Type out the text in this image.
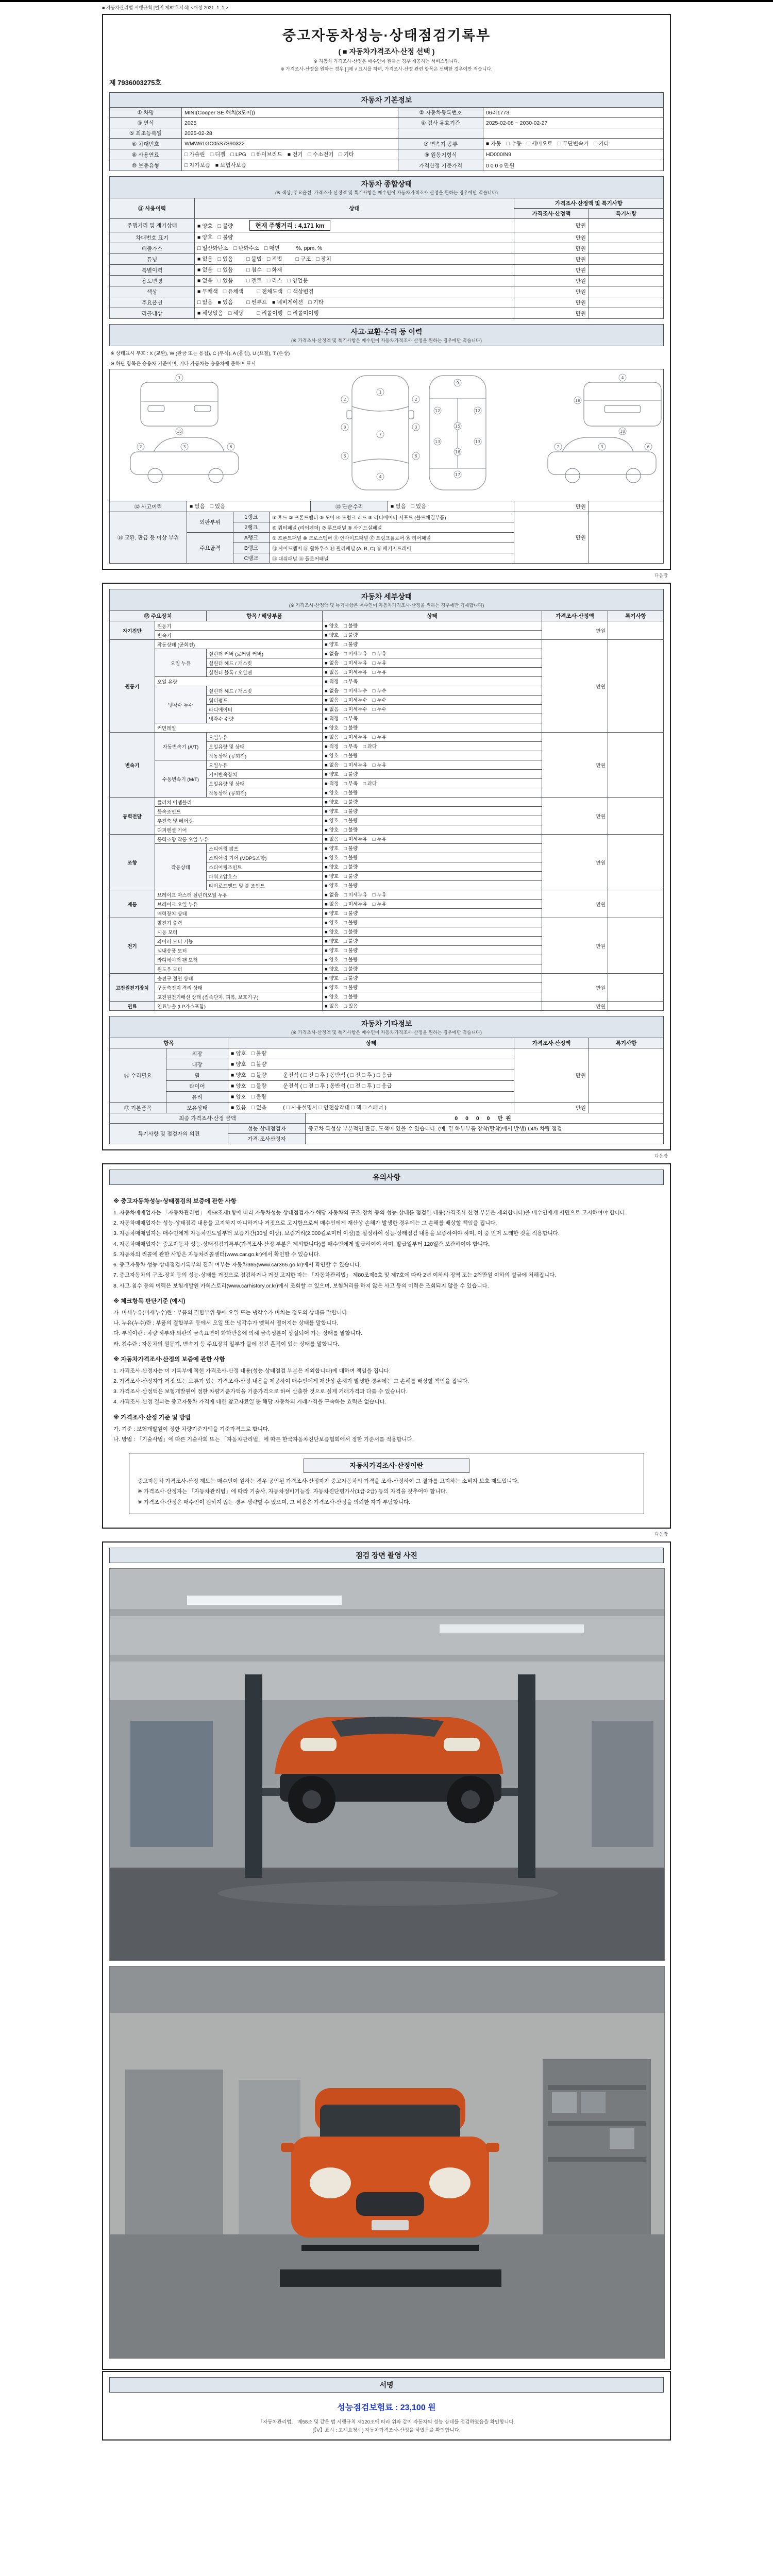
■ 자동차관리법 시행규칙 [별지 제82호서식] <개정 2021. 1. 1.>
중고자동차성능·상태점검기록부
( ■ 자동차가격조사·산정 선택 )
※ 자동차 가격조사·산정은 매수인이 원하는 경우 제공하는 서비스입니다.
※ 가격조사·산정을 원하는 경우 [ ]에 √ 표시를 하며, 가격조사·산정 관련 항목은 선택한 경우에만 적습니다.
제 7936003275호
자동차 기본정보
① 차명	MINI(Cooper SE 해치(3도어))	② 자동차등록번호	06러1773
③ 연식	2025	④ 검사 유효기간	2025-02-08 ~ 2030-02-27
⑤ 최초등록일	2025-02-28		
⑥ 차대번호	WMW61GC05S7S90322	⑦ 변속기 종류	■ 자동 □ 수동 □ 세미오토 □ 무단변속기 □ 기타
⑧ 사용연료	□ 가솔린 □ 디젤 □ LPG □ 하이브리드 ■ 전기 □ 수소전기 □ 기타	⑨ 원동기형식	HD000/N9
⑩ 보증유형	□ 자가보증 ■ 보험사보증	가격산정 기준가격	0 0 0 0 만원
자동차 종합상태
(※ 색상, 주요옵션, 가격조사·산정액 및 특기사항은 매수인이 자동차가격조사·산정을 원하는 경우에만 적습니다)
⑪ 사용이력	상태	가격조사·산정액 및 특기사항	
		가격조사·산정액	특기사항
주행거리 및 계기상태	■ 양호 □ 불량 현재 주행거리 : 4,171 km	만원	
차대번호 표기	■ 양호 □ 불량	만원	
배출가스	□ 일산화탄소 □ 탄화수소 □ 매연 %, ppm, %	만원	
튜닝	■ 없음 □ 있음 □ 불법 □ 적법 □ 구조 □ 장치	만원	
특별이력	■ 없음 □ 있음 □ 침수 □ 화재	만원	
용도변경	■ 없음 □ 있음 □ 렌트 □ 리스 □ 영업용	만원	
색상	■ 무채색 □ 유채색 □ 전체도색 □ 색상변경	만원	
주요옵션	□ 없음 ■ 있음 □ 썬루프 ■ 네비게이션 □ 기타	만원	
리콜대상	■ 해당없음 □ 해당 □ 리콜이행 □ 리콜미이행	만원	
사고·교환·수리 등 이력
(※ 가격조사·산정액 및 특기사항은 매수인이 자동차가격조사·산정을 원하는 경우에만 적습니다)
※ 상태표시 부호 : X (교환), W (판금 또는 용접), C (부식), A (흠집), U (요철), T (손상)
※ 하단 항목은 승용차 기준이며, 기타 자동차는 승용차에 준하여 표시
1
15
2	3	6
1
7
4
2
3
6
2
3
6
9
12
13
15
16
17
12
13
4
18
19
2	3	6
⑫ 사고이력	■ 없음 □ 있음	⑬ 단순수리	■ 없음 □ 있음	만원	
⑭ 교환, 판금 등 이상 부위	외판부위	1랭크	① 후드 ② 프론트펜더 ③ 도어 ④ 트렁크 리드 ⑤ 라디에이터 서포트 (볼트체결부품)	만원	
		2랭크	⑥ 쿼터패널 (리어펜더) ⑦ 루프패널 ⑧ 사이드실패널		
	주요골격	A랭크	⑨ 프론트패널 ⑩ 크로스멤버 ⑪ 인사이드패널 ⑰ 트렁크플로어 ⑱ 리어패널		
		B랭크	⑫ 사이드멤버 ⑬ 휠하우스 ⑭ 필러패널 (A, B, C) ⑲ 패키지트레이		
		C랭크	⑮ 대쉬패널 ⑯ 플로어패널		
다음장
자동차 세부상태
(※ 가격조사·산정액 및 특기사항은 매수인이 자동차가격조사·산정을 원하는 경우에만 기재합니다)
⑮ 주요장치		항목 / 해당부품	상태	가격조사·산정액	특기사항
자기진단	원동기		■ 양호 □ 불량	만원	
	변속기		■ 양호 □ 불량		
원동기	작동상태 (공회전)		■ 양호 □ 불량	만원	
	오일 누유	실린더 커버 (로커암 커버)	■ 없음 □ 미세누유 □ 누유		
		실린더 헤드 / 개스킷	■ 없음 □ 미세누유 □ 누유		
		실린더 블록 / 오일팬	■ 없음 □ 미세누유 □ 누유		
	오일 유량		■ 적정 □ 부족		
	냉각수 누수	실린더 헤드 / 개스킷	■ 없음 □ 미세누수 □ 누수		
		워터펌프	■ 없음 □ 미세누수 □ 누수		
		라디에이터	■ 없음 □ 미세누수 □ 누수		
		냉각수 수량	■ 적정 □ 부족		
	커먼레일		■ 양호 □ 불량		
변속기	자동변속기 (A/T)	오일누유	■ 없음 □ 미세누유 □ 누유	만원	
		오일유량 및 상태	■ 적정 □ 부족 □ 과다		
		작동상태 (공회전)	■ 양호 □ 불량		
	수동변속기 (M/T)	오일누유	■ 없음 □ 미세누유 □ 누유		
		기어변속장치	■ 양호 □ 불량		
		오일유량 및 상태	■ 적정 □ 부족 □ 과다		
		작동상태 (공회전)	■ 양호 □ 불량		
동력전달	클러치 어셈블리		■ 양호 □ 불량	만원	
	등속조인트		■ 양호 □ 불량		
	추진축 및 베어링		■ 양호 □ 불량		
	디퍼렌셜 기어		■ 양호 □ 불량		
조향	동력조향 작동 오일 누유		■ 없음 □ 미세누유 □ 누유	만원	
	작동상태	스티어링 펌프	■ 양호 □ 불량		
		스티어링 기어 (MDPS포함)	■ 양호 □ 불량		
		스티어링조인트	■ 양호 □ 불량		
		파워고압호스	■ 양호 □ 불량		
		타이로드엔드 및 볼 조인트	■ 양호 □ 불량		
제동	브레이크 마스터 실린더오일 누유		■ 없음 □ 미세누유 □ 누유	만원	
	브레이크 오일 누유		■ 없음 □ 미세누유 □ 누유		
	배력장치 상태		■ 양호 □ 불량		
전기	발전기 출력		■ 양호 □ 불량	만원	
	시동 모터		■ 양호 □ 불량		
	와이퍼 모터 기능		■ 양호 □ 불량		
	실내송풍 모터		■ 양호 □ 불량		
	라디에이터 팬 모터		■ 양호 □ 불량		
	윈도우 모터		■ 양호 □ 불량		
고전원전기장치	충전구 절연 상태		■ 양호 □ 불량	만원	
	구동축전지 격리 상태		■ 양호 □ 불량		
	고전원전기배선 상태 (접속단자, 피복, 보호기구)		■ 양호 □ 불량		
연료	연료누출 (LP가스포함)		■ 없음 □ 있음	만원	
자동차 기타정보
(※ 가격조사·산정액 및 특기사항은 매수인이 자동차가격조사·산정을 원하는 경우에만 적습니다)
항목		상태	가격조사·산정액	특기사항
⑯ 수리필요	외장	■ 양호 □ 불량	만원	
	내장	■ 양호 □ 불량		
	휠	■ 양호 □ 불량 운전석 ( □ 전 □ 후 ) 동반석 ( □ 전 □ 후 ) □ 응급		
	타이어	■ 양호 □ 불량 운전석 ( □ 전 □ 후 ) 동반석 ( □ 전 □ 후 ) □ 응급		
	유리	■ 양호 □ 불량		
⑰ 기본품목	보유상태	■ 있음 □ 없음 ( □ 사용설명서 □ 안전삼각대 □ 잭 □ 스패너 )	만원	
최종 가격조사·산정 금액		0 0 0 0 만원
특기사항 및 점검자의 의견	성능·상태점검자	중고차 특성상 부분적인 판금, 도색이 있을 수 있습니다. (예: 밑 하부부품 장착(탈착)에서 발생) L4/5 차량 점검
	가격·조사산정자	
다음장
유의사항
※ 중고자동차성능·상태점검의 보증에 관한 사항

1. 자동차매매업자는 「자동차관리법」 제58조제1항에 따라 자동차성능·상태점검자가 해당 자동차의 구조·장치 등의 성능·상태를 점검한 내용(가격조사·산정 부분은 제외합니다)을 매수인에게 서면으로 고지하여야 합니다.

2. 자동차매매업자는 성능·상태점검 내용을 고지하지 아니하거나 거짓으로 고지함으로써 매수인에게 재산상 손해가 발생한 경우에는 그 손해를 배상할 책임을 집니다.

3. 자동차매매업자는 매수인에게 자동차인도일부터 보증기간(30일 이상), 보증거리(2,000킬로미터 이상)를 설정하여 성능·상태점검 내용을 보증하여야 하며, 이 중 먼저 도래한 것을 적용합니다.

4. 자동차매매업자는 중고자동차 성능·상태점검기록부(가격조사·산정 부분은 제외합니다)를 매수인에게 발급하여야 하며, 발급일부터 120일간 보관하여야 합니다.

5. 자동차의 리콜에 관한 사항은 자동차리콜센터(www.car.go.kr)에서 확인할 수 있습니다.

6. 중고자동차 성능·상태점검기록부의 진위 여부는 자동차365(www.car365.go.kr)에서 확인할 수 있습니다.

7. 중고자동차의 구조·장치 등의 성능·상태를 거짓으로 점검하거나 거짓 고지한 자는 「자동차관리법」 제80조제6호 및 제7호에 따라 2년 이하의 징역 또는 2천만원 이하의 벌금에 처해집니다.

8. 사고·침수 등의 이력은 보험개발원 카히스토리(www.carhistory.or.kr)에서 조회할 수 있으며, 보험처리를 하지 않은 사고 등의 이력은 조회되지 않을 수 있습니다.

※ 체크항목 판단기준 (예시)

가. 미세누유(미세누수)란 : 부품의 결합부위 등에 오일 또는 냉각수가 비치는 정도의 상태를 말합니다.

나. 누유(누수)란 : 부품의 결합부위 등에서 오일 또는 냉각수가 맺혀서 떨어지는 상태를 말합니다.

다. 부식이란 : 차량 하부와 외판의 금속표면이 화학반응에 의해 금속성분이 상실되어 가는 상태를 말합니다.

라. 침수란 : 자동차의 원동기, 변속기 등 주요장치 일부가 물에 잠긴 흔적이 있는 상태를 말합니다.

※ 자동차가격조사·산정의 보증에 관한 사항

1. 가격조사·산정자는 이 기록부에 적힌 가격조사·산정 내용(성능·상태점검 부분은 제외합니다)에 대하여 책임을 집니다.

2. 가격조사·산정자가 거짓 또는 오류가 있는 가격조사·산정 내용을 제공하여 매수인에게 재산상 손해가 발생한 경우에는 그 손해를 배상할 책임을 집니다.

3. 가격조사·산정액은 보험개발원이 정한 차량기준가액을 기준가격으로 하여 산출한 것으로 실제 거래가격과 다를 수 있습니다.

4. 가격조사·산정 결과는 중고자동차 가격에 대한 참고자료일 뿐 해당 자동차의 거래가격을 구속하는 효력은 없습니다.

※ 가격조사·산정 기준 및 방법

가. 기준 : 보험개발원이 정한 차량기준가액을 기준가격으로 합니다.

나. 방법 : 「기술사법」에 따른 기술사회 또는 「자동차관리법」에 따른 한국자동차진단보증협회에서 정한 기준서를 적용합니다.

자동차가격조사·산정이란

중고자동차 가격조사·산정 제도는 매수인이 원하는 경우 공인된 가격조사·산정자가 중고자동차의 가격을 조사·산정하여 그 결과를 고지하는 소비자 보호 제도입니다.

※ 가격조사·산정자는 「자동차관리법」에 따라 기술사, 자동차정비기능장, 자동차진단평가사(1급·2급) 등의 자격을 갖추어야 합니다.

※ 가격조사·산정은 매수인이 원하지 않는 경우 생략할 수 있으며, 그 비용은 가격조사·산정을 의뢰한 자가 부담합니다.

다음장
점검 장면 촬영 사진
서명
성능점검보험료 : 23,100 원
「자동차관리법」 제58조 및 같은 법 시행규칙 제120조에 따라 위와 같이 자동차의 성능·상태를 점검하였음을 확인합니다.
(【V】표시 : 고객요청시) 자동차가격조사·산정을 하였음을 확인합니다.
